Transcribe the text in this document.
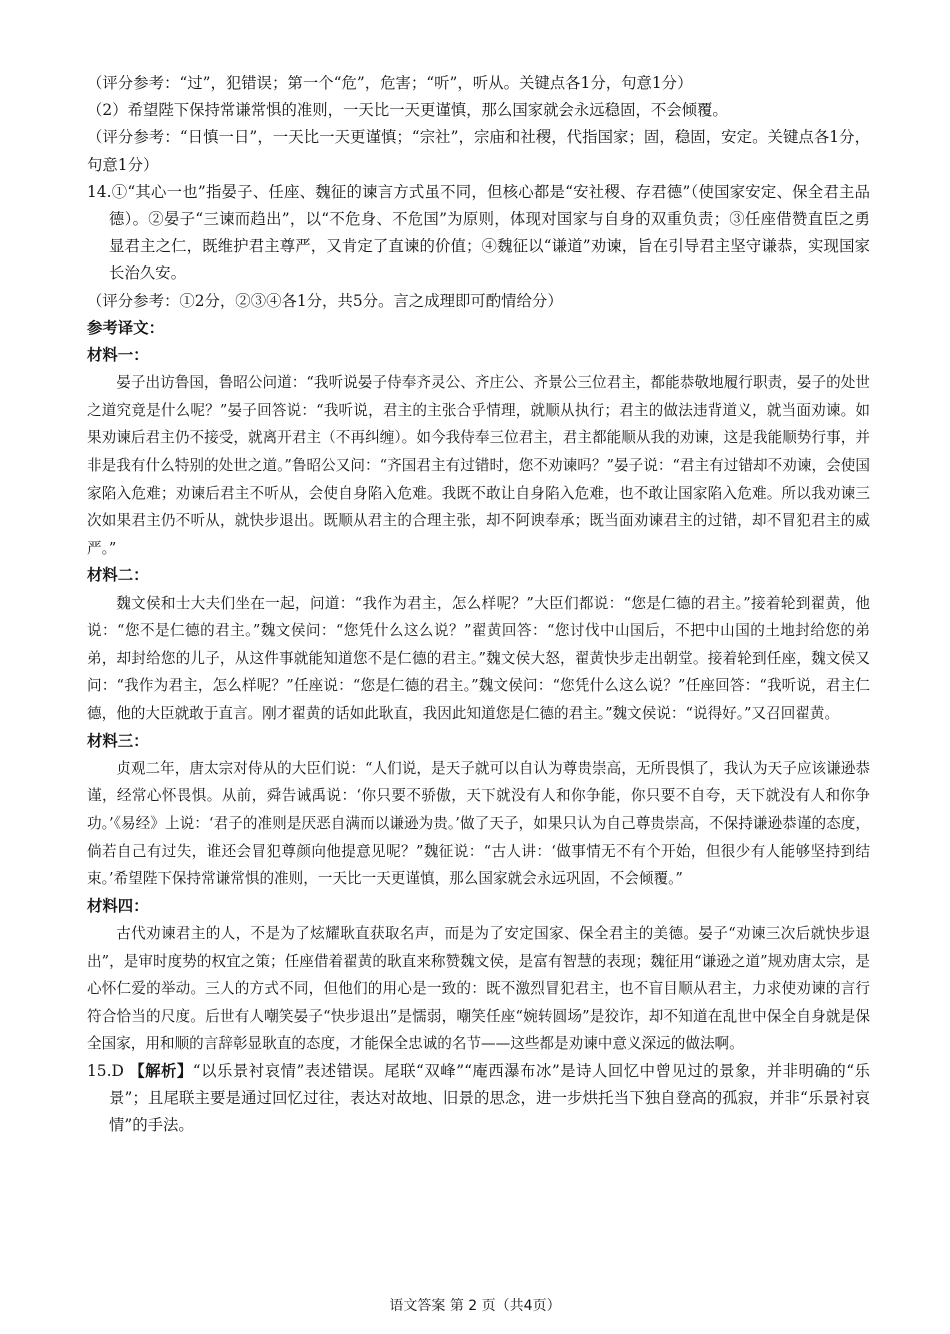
（评分参考：“过”，犯错误；第一个“危”，危害；“听”，听从。关键点各1分，句意1分）

（2）希望陛下保持常谦常惧的准则，一天比一天更谨慎，那么国家就会永远稳固，不会倾覆。

（评分参考：“日慎一日”，一天比一天更谨慎；“宗社”，宗庙和社稷，代指国家；固，稳固，安定。关键点各1分，句意1分）

14.①“其心一也”指晏子、任座、魏征的谏言方式虽不同，但核心都是“安社稷、存君德”（使国家安定、保全君主品德）。②晏子“三谏而趋出”，以“不危身、不危国”为原则，体现对国家与自身的双重负责；③任座借赞直臣之勇显君主之仁，既维护君主尊严，又肯定了直谏的价值；④魏征以“谦道”劝谏，旨在引导君主坚守谦恭，实现国家长治久安。

（评分参考：①2分，②③④各1分，共5分。言之成理即可酌情给分）

参考译文：

材料一：

晏子出访鲁国，鲁昭公问道：“我听说晏子侍奉齐灵公、齐庄公、齐景公三位君主，都能恭敬地履行职责，晏子的处世之道究竟是什么呢？”晏子回答说：“我听说，君主的主张合乎情理，就顺从执行；君主的做法违背道义，就当面劝谏。如果劝谏后君主仍不接受，就离开君主（不再纠缠）。如今我侍奉三位君主，君主都能顺从我的劝谏，这是我能顺势行事，并非是我有什么特别的处世之道。”鲁昭公又问：“齐国君主有过错时，您不劝谏吗？”晏子说：“君主有过错却不劝谏，会使国家陷入危难；劝谏后君主不听从，会使自身陷入危难。我既不敢让自身陷入危难，也不敢让国家陷入危难。所以我劝谏三次如果君主仍不听从，就快步退出。既顺从君主的合理主张，却不阿谀奉承；既当面劝谏君主的过错，却不冒犯君主的威严。”

材料二：

魏文侯和士大夫们坐在一起，问道：“我作为君主，怎么样呢？”大臣们都说：“您是仁德的君主。”接着轮到翟黄，他说：“您不是仁德的君主。”魏文侯问：“您凭什么这么说？”翟黄回答：“您讨伐中山国后，不把中山国的土地封给您的弟弟，却封给您的儿子，从这件事就能知道您不是仁德的君主。”魏文侯大怒，翟黄快步走出朝堂。接着轮到任座，魏文侯又问：“我作为君主，怎么样呢？”任座说：“您是仁德的君主。”魏文侯问：“您凭什么这么说？”任座回答：“我听说，君主仁德，他的大臣就敢于直言。刚才翟黄的话如此耿直，我因此知道您是仁德的君主。”魏文侯说：“说得好。”又召回翟黄。

材料三：

贞观二年，唐太宗对侍从的大臣们说：“人们说，是天子就可以自认为尊贵崇高，无所畏惧了，我认为天子应该谦逊恭谨，经常心怀畏惧。从前，舜告诫禹说：‘你只要不骄傲，天下就没有人和你争能，你只要不自夸，天下就没有人和你争功。’《易经》上说：‘君子的准则是厌恶自满而以谦逊为贵。’做了天子，如果只认为自己尊贵崇高，不保持谦逊恭谨的态度，倘若自己有过失，谁还会冒犯尊颜向他提意见呢？”魏征说：“古人讲：‘做事情无不有个开始，但很少有人能够坚持到结束。’希望陛下保持常谦常惧的准则，一天比一天更谨慎，那么国家就会永远巩固，不会倾覆。”

材料四：

古代劝谏君主的人，不是为了炫耀耿直获取名声，而是为了安定国家、保全君主的美德。晏子“劝谏三次后就快步退出”，是审时度势的权宜之策；任座借着翟黄的耿直来称赞魏文侯，是富有智慧的表现；魏征用“谦逊之道”规劝唐太宗，是心怀仁爱的举动。三人的方式不同，但他们的用心是一致的：既不激烈冒犯君主，也不盲目顺从君主，力求使劝谏的言行符合恰当的尺度。后世有人嘲笑晏子“快步退出”是懦弱，嘲笑任座“婉转圆场”是狡诈，却不知道在乱世中保全自身就是保全国家，用和顺的言辞彰显耿直的态度，才能保全忠诚的名节——这些都是劝谏中意义深远的做法啊。

15.D 【解析】“以乐景衬哀情”表述错误。尾联“双峰”“庵西瀑布冰”是诗人回忆中曾见过的景象，并非明确的“乐景”；且尾联主要是通过回忆过往，表达对故地、旧景的思念，进一步烘托当下独自登高的孤寂，并非“乐景衬哀情”的手法。

语文答案 第 2 页（共4页）
